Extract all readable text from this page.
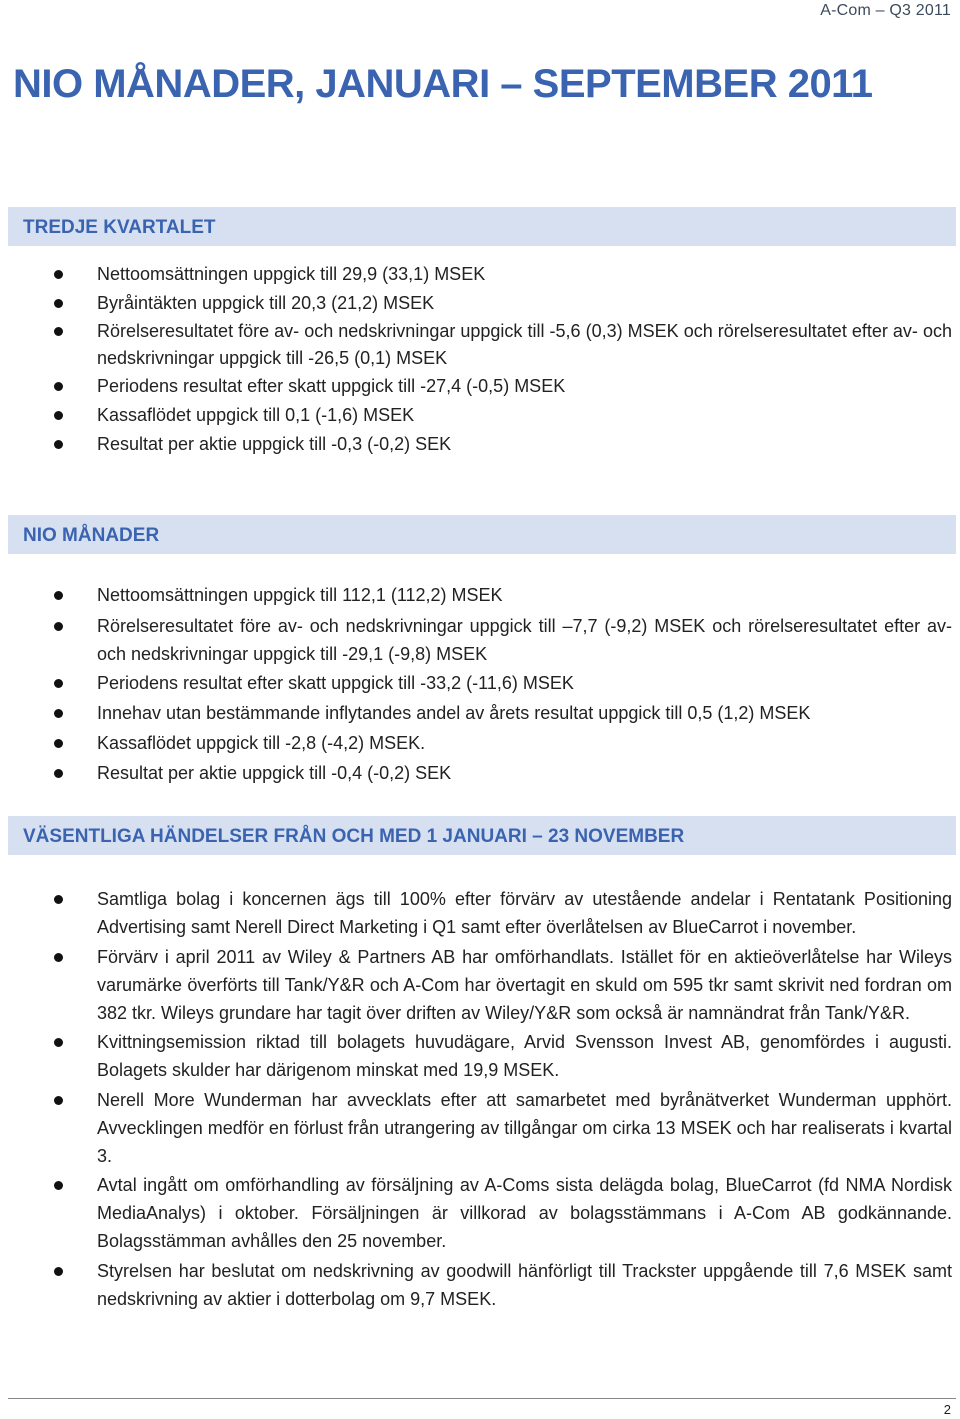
A-Com – Q3 2011
NIO MÅNADER, JANUARI – SEPTEMBER 2011
TREDJE KVARTALET
Nettoomsättningen uppgick till 29,9 (33,1) MSEK
Byråintäkten uppgick till 20,3 (21,2) MSEK
Rörelseresultatet före av- och nedskrivningar uppgick till -5,6 (0,3) MSEK och rörelseresultatet efter av- och nedskrivningar uppgick till -26,5 (0,1) MSEK
Periodens resultat efter skatt uppgick till -27,4 (-0,5) MSEK
Kassaflödet uppgick till 0,1 (-1,6) MSEK
Resultat per aktie uppgick till -0,3 (-0,2) SEK
NIO MÅNADER
Nettoomsättningen uppgick till 112,1 (112,2) MSEK
Rörelseresultatet före av- och nedskrivningar uppgick till –7,7 (-9,2) MSEK och rörelseresultatet efter av- och nedskrivningar uppgick till -29,1 (-9,8) MSEK
Periodens resultat efter skatt uppgick till -33,2 (-11,6) MSEK
Innehav utan bestämmande inflytandes andel av årets resultat uppgick till 0,5 (1,2) MSEK
Kassaflödet uppgick till -2,8 (-4,2) MSEK.
Resultat per aktie uppgick till -0,4 (-0,2) SEK
VÄSENTLIGA HÄNDELSER FRÅN OCH MED 1 JANUARI – 23 NOVEMBER
Samtliga bolag i koncernen ägs till 100% efter förvärv av utestående andelar i Rentatank Positioning Advertising samt Nerell Direct Marketing i Q1 samt efter överlåtelsen av BlueCarrot i november.
Förvärv i april 2011 av Wiley & Partners AB har omförhandlats. Istället för en aktieöverlåtelse har Wileys varumärke överförts till Tank/Y&R och A-Com har övertagit en skuld om 595 tkr samt skrivit ned fordran om 382 tkr. Wileys grundare har tagit över driften av Wiley/Y&R som också är namnändrat från Tank/Y&R.
Kvittningsemission riktad till bolagets huvudägare, Arvid Svensson Invest AB, genomfördes i augusti. Bolagets skulder har därigenom minskat med 19,9 MSEK.
Nerell More Wunderman har avvecklats efter att samarbetet med byrånätverket Wunderman upphört. Avvecklingen medför en förlust från utrangering av tillgångar om cirka 13 MSEK och har realiserats i kvartal 3.
Avtal ingått om omförhandling av försäljning av A-Coms sista delägda bolag, BlueCarrot (fd NMA Nordisk MediaAnalys) i oktober. Försäljningen är villkorad av bolagsstämmans i A-Com AB godkännande. Bolagsstämman avhålles den 25 november.
Styrelsen har beslutat om nedskrivning av goodwill hänförligt till Trackster uppgående till 7,6 MSEK samt nedskrivning av aktier i dotterbolag om 9,7 MSEK.
2
